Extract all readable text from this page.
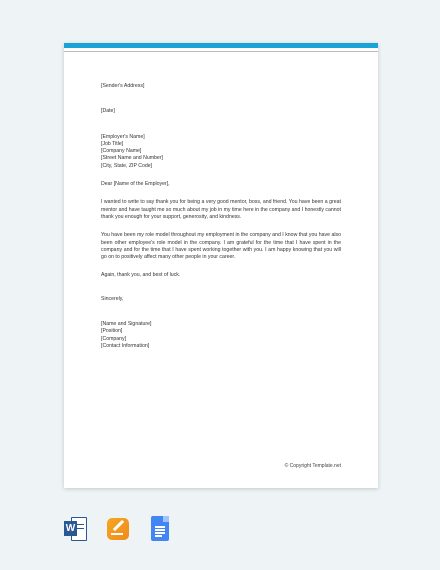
[Sender's Address]

[Date]

[Employer's Name]

[Job Title]

[Company Name]

[Street Name and Number]

[City, State, ZIP Code]

Dear [Name of the Employer],

I wanted to write to say thank you for being a very good mentor, boss, and friend. You have been a great mentor and have taught me so much about my job in my time here in the company and I honestly cannot thank you enough for your support, generosity, and kindness.

You have been my role model throughout my employment in the company and I know that you have also been other employee's role model in the company. I am grateful for the time that I have spent in the company and for the time that I have spent working together with you. I am happy knowing that you will go on to positively affect many other people in your career.

Again, thank you, and best of luck.

Sincerely,

[Name and Signature]

[Position]

[Company]

[Contact Information]

© Copyright Template.net
W
